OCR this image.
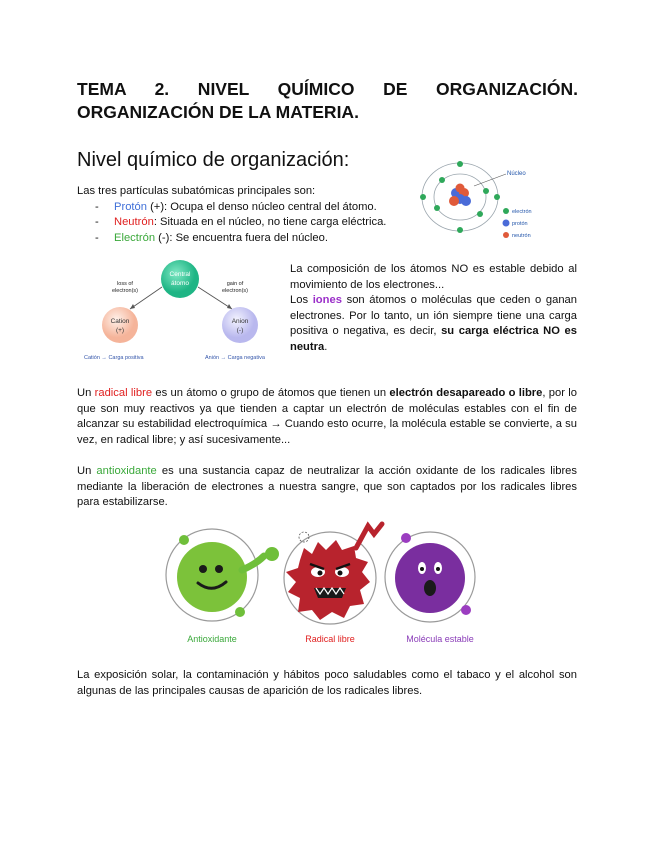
TEMA 2. NIVEL QUÍMICO DE ORGANIZACIÓN.
ORGANIZACIÓN DE LA MATERIA.
Nivel químico de organización:
Las tres partículas subatómicas principales son:
- Protón (+): Ocupa el denso núcleo central del átomo.
- Neutrón: Situada en el núcleo, no tiene carga eléctrica.
- Electrón (-): Se encuentra fuera del núcleo.
Núcleo
electrón
protón
neutrón
Central
átomo
loss of
electron(s)
gain of
electron(s)
Cation
(+)
Anion
(-)
Catión → Carga positiva	Anión → Carga negativa
La composición de los átomos NO es estable debido al movimiento de los electrones...
Los iones son átomos o moléculas que ceden o ganan electrones. Por lo tanto, un ión siempre tiene una carga positiva o negativa, es decir, su carga eléctrica NO es neutra.
Un radical libre es un átomo o grupo de átomos que tienen un electrón desapareado o libre, por lo que son muy reactivos ya que tienden a captar un electrón de moléculas estables con el fin de alcanzar su estabilidad electroquímica → Cuando esto ocurre, la molécula estable se convierte, a su vez, en radical libre; y así sucesivamente...
Un antioxidante es una sustancia capaz de neutralizar la acción oxidante de los radicales libres mediante la liberación de electrones a nuestra sangre, que son captados por los radicales libres para estabilizarse.
Antioxidante	Radical libre	Molécula estable
La exposición solar, la contaminación y hábitos poco saludables como el tabaco y el alcohol son algunas de las principales causas de aparición de los radicales libres.
